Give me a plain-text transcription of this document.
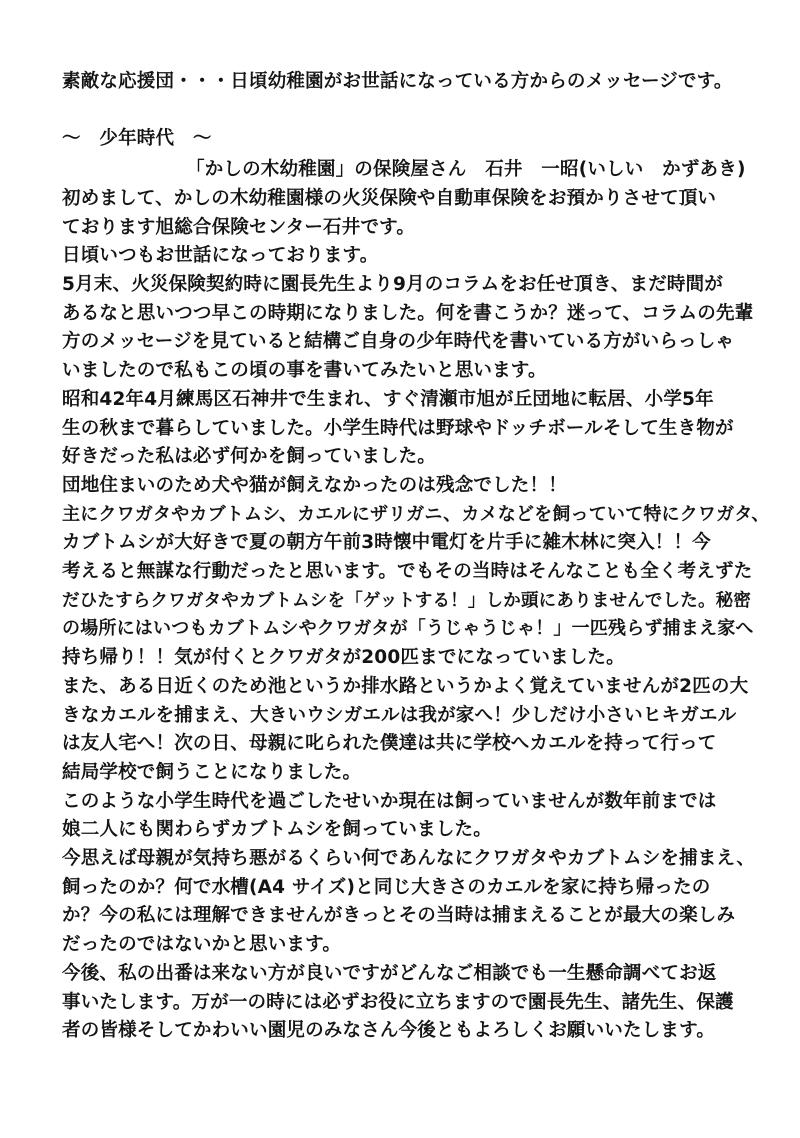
素敵な応援団・・・日頃幼稚園がお世話になっている方からのメッセージです。

～　少年時代　～

「かしの木幼稚園」の保険屋さん　石井　一昭(いしい　かずあき)

初めまして、かしの木幼稚園様の火災保険や自動車保険をお預かりさせて頂い

ております旭総合保険センター石井です。

日頃いつもお世話になっております。

5月末、火災保険契約時に園長先生より9月のコラムをお任せ頂き、まだ時間が

あるなと思いつつ早この時期になりました。何を書こうか？迷って、コラムの先輩

方のメッセージを見ていると結構ご自身の少年時代を書いている方がいらっしゃ

いましたので私もこの頃の事を書いてみたいと思います。

昭和42年4月練馬区石神井で生まれ、すぐ清瀬市旭が丘団地に転居、小学5年

生の秋まで暮らしていました。小学生時代は野球やドッチボールそして生き物が

好きだった私は必ず何かを飼っていました。

団地住まいのため犬や猫が飼えなかったのは残念でした！！

主にクワガタやカブトムシ、カエルにザリガニ、カメなどを飼っていて特にクワガタ、

カブトムシが大好きで夏の朝方午前3時懐中電灯を片手に雑木林に突入！！今

考えると無謀な行動だったと思います。でもその当時はそんなことも全く考えずた

だひたすらクワガタやカブトムシを「ゲットする！」しか頭にありませんでした。秘密

の場所にはいつもカブトムシやクワガタが「うじゃうじゃ！」一匹残らず捕まえ家へ

持ち帰り！！気が付くとクワガタが200匹までになっていました。

また、ある日近くのため池というか排水路というかよく覚えていませんが2匹の大

きなカエルを捕まえ、大きいウシガエルは我が家へ！少しだけ小さいヒキガエル

は友人宅へ！次の日、母親に叱られた僕達は共に学校へカエルを持って行って

結局学校で飼うことになりました。

このような小学生時代を過ごしたせいか現在は飼っていませんが数年前までは

娘二人にも関わらずカブトムシを飼っていました。

今思えば母親が気持ち悪がるくらい何であんなにクワガタやカブトムシを捕まえ、

飼ったのか？何で水槽(A4 サイズ)と同じ大きさのカエルを家に持ち帰ったの

か？今の私には理解できませんがきっとその当時は捕まえることが最大の楽しみ

だったのではないかと思います。

今後、私の出番は来ない方が良いですがどんなご相談でも一生懸命調べてお返

事いたします。万が一の時には必ずお役に立ちますので園長先生、諸先生、保護

者の皆様そしてかわいい園児のみなさん今後ともよろしくお願いいたします。
